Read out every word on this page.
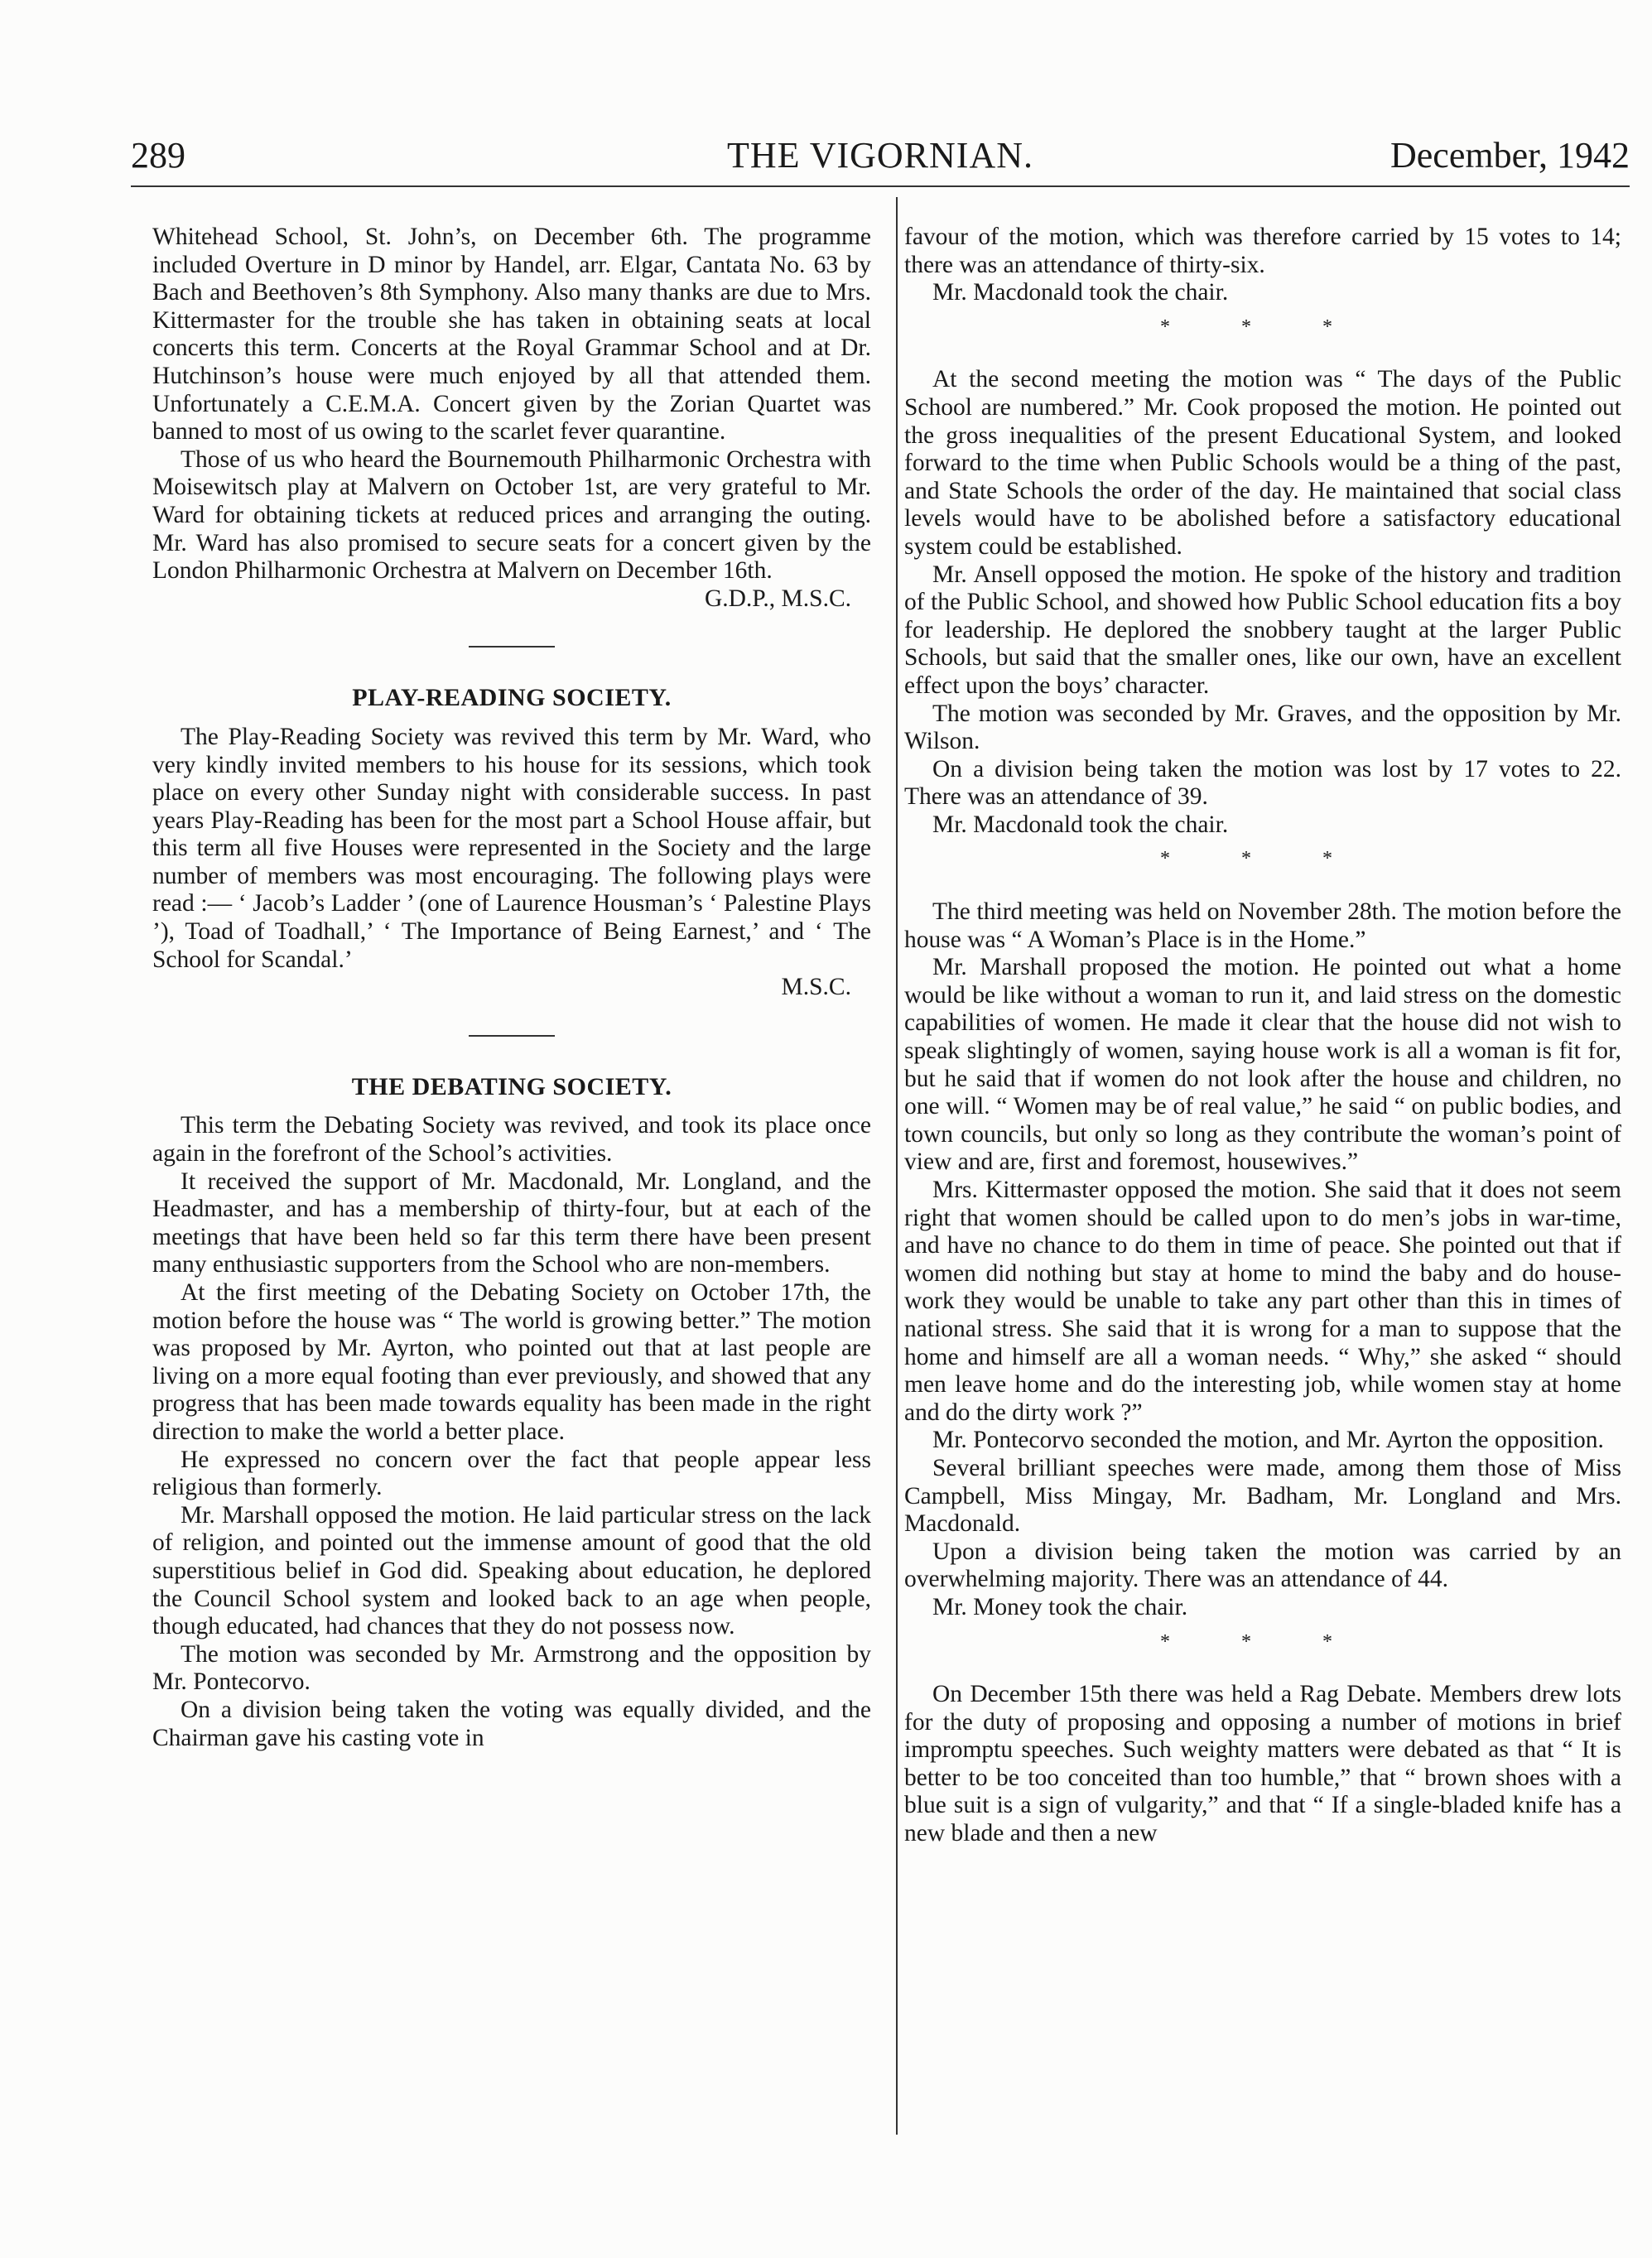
THE VIGORNIAN.
289	December, 1942

Whitehead School, St. John’s, on December 6th. The programme included Overture in D minor by Handel, arr. Elgar, Cantata No. 63 by Bach and Beethoven’s 8th Symphony. Also many thanks are due to Mrs. Kittermaster for the trouble she has taken in obtaining seats at local concerts this term. Concerts at the Royal Grammar School and at Dr. Hutchinson’s house were much enjoyed by all that attended them. Unfortunately a C.E.M.A. Concert given by the Zorian Quartet was banned to most of us owing to the scarlet fever quarantine.

Those of us who heard the Bournemouth Philharmonic Orchestra with Moisewitsch play at Malvern on October 1st, are very grateful to Mr. Ward for obtaining tickets at reduced prices and arranging the outing. Mr. Ward has also promised to secure seats for a concert given by the London Philharmonic Orchestra at Malvern on December 16th.

G.D.P., M.S.C.

PLAY-READING SOCIETY.

The Play-Reading Society was revived this term by Mr. Ward, who very kindly invited members to his house for its sessions, which took place on every other Sunday night with considerable success. In past years Play-Reading has been for the most part a School House affair, but this term all five Houses were represented in the Society and the large number of members was most encouraging. The following plays were read :— ‘ Jacob’s Ladder ’ (one of Laurence Housman’s ‘ Palestine Plays ’), Toad of Toadhall,’ ‘ The Importance of Being Earnest,’ and ‘ The School for Scandal.’

M.S.C.

THE DEBATING SOCIETY.

This term the Debating Society was revived, and took its place once again in the forefront of the School’s activities.

It received the support of Mr. Macdonald, Mr. Longland, and the Headmaster, and has a membership of thirty-four, but at each of the meetings that have been held so far this term there have been present many enthusiastic supporters from the School who are non-members.

At the first meeting of the Debating Society on October 17th, the motion before the house was “ The world is growing better.” The motion was proposed by Mr. Ayrton, who pointed out that at last people are living on a more equal footing than ever previously, and showed that any progress that has been made towards equality has been made in the right direction to make the world a better place.

He expressed no concern over the fact that people appear less religious than formerly.

Mr. Marshall opposed the motion. He laid particular stress on the lack of religion, and pointed out the immense amount of good that the old superstitious belief in God did. Speaking about education, he deplored the Council School system and looked back to an age when people, though educated, had chances that they do not possess now.

The motion was seconded by Mr. Armstrong and the opposition by Mr. Pontecorvo.

On a division being taken the voting was equally divided, and the Chairman gave his casting vote in

favour of the motion, which was therefore carried by 15 votes to 14; there was an attendance of thirty-six.

Mr. Macdonald took the chair.

* * *

At the second meeting the motion was “ The days of the Public School are numbered.” Mr. Cook proposed the motion. He pointed out the gross inequalities of the present Educational System, and looked forward to the time when Public Schools would be a thing of the past, and State Schools the order of the day. He maintained that social class levels would have to be abolished before a satisfactory educational system could be established.

Mr. Ansell opposed the motion. He spoke of the history and tradition of the Public School, and showed how Public School education fits a boy for leadership. He deplored the snobbery taught at the larger Public Schools, but said that the smaller ones, like our own, have an excellent effect upon the boys’ character.

The motion was seconded by Mr. Graves, and the opposition by Mr. Wilson.

On a division being taken the motion was lost by 17 votes to 22. There was an attendance of 39.

Mr. Macdonald took the chair.

* * *

The third meeting was held on November 28th. The motion before the house was “ A Woman’s Place is in the Home.”

Mr. Marshall proposed the motion. He pointed out what a home would be like without a woman to run it, and laid stress on the domestic capabilities of women. He made it clear that the house did not wish to speak slightingly of women, saying house work is all a woman is fit for, but he said that if women do not look after the house and children, no one will. “ Women may be of real value,” he said “ on public bodies, and town councils, but only so long as they contribute the woman’s point of view and are, first and foremost, housewives.”

Mrs. Kittermaster opposed the motion. She said that it does not seem right that women should be called upon to do men’s jobs in war-time, and have no chance to do them in time of peace. She pointed out that if women did nothing but stay at home to mind the baby and do house-work they would be unable to take any part other than this in times of national stress. She said that it is wrong for a man to suppose that the home and himself are all a woman needs. “ Why,” she asked “ should men leave home and do the interesting job, while women stay at home and do the dirty work ?”

Mr. Pontecorvo seconded the motion, and Mr. Ayrton the opposition.

Several brilliant speeches were made, among them those of Miss Campbell, Miss Mingay, Mr. Badham, Mr. Longland and Mrs. Macdonald.

Upon a division being taken the motion was carried by an overwhelming majority. There was an attendance of 44.

Mr. Money took the chair.

* * *

On December 15th there was held a Rag Debate. Members drew lots for the duty of proposing and opposing a number of motions in brief impromptu speeches. Such weighty matters were debated as that “ It is better to be too conceited than too humble,” that “ brown shoes with a blue suit is a sign of vulgarity,” and that “ If a single-bladed knife has a new blade and then a new
